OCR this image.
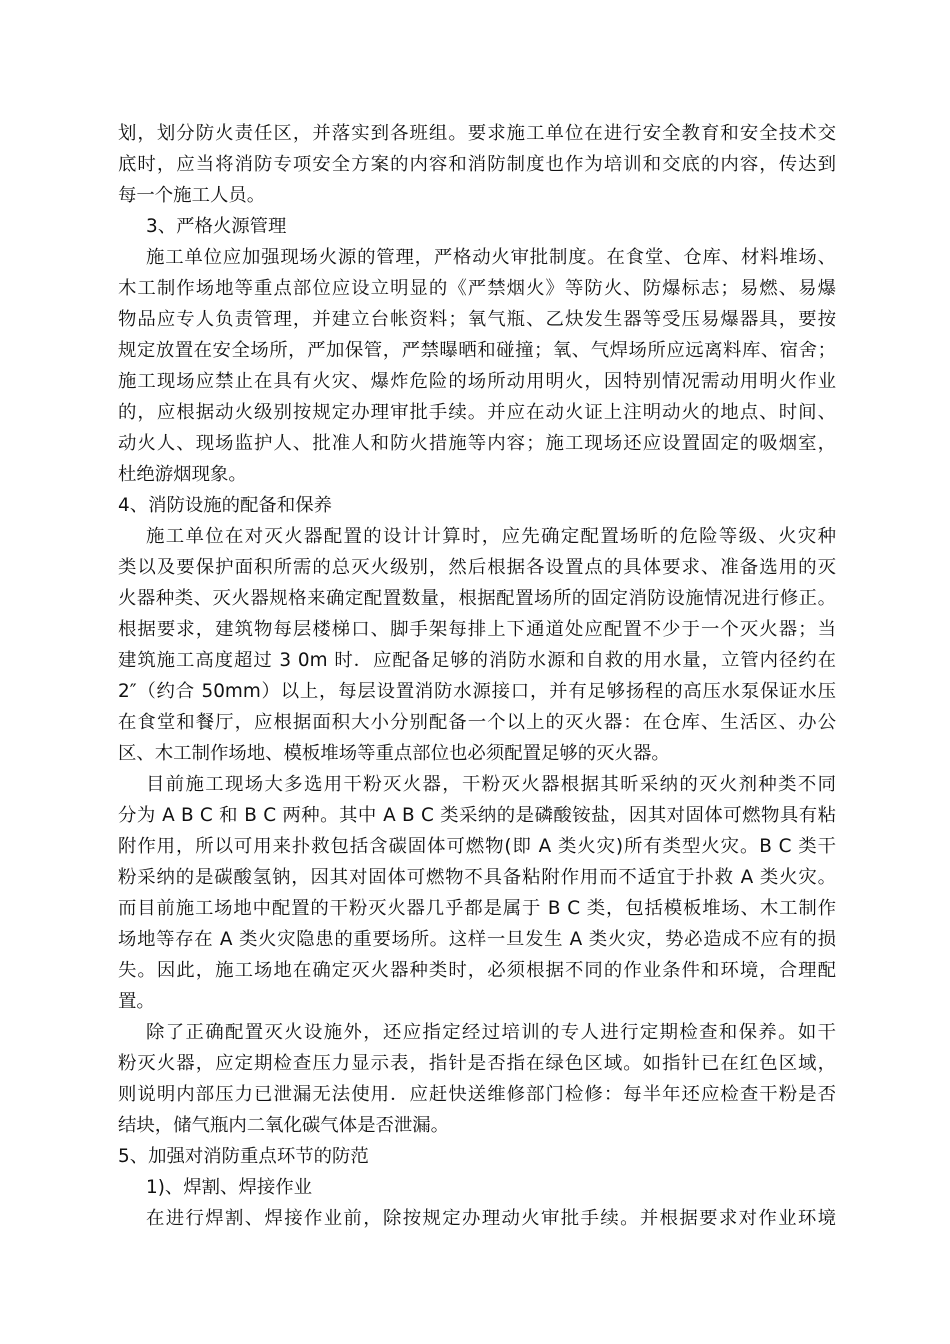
划，划分防火责任区，并落实到各班组。要求施工单位在进行安全教育和安全技术交
底时，应当将消防专项安全方案的内容和消防制度也作为培训和交底的内容，传达到
每一个施工人员。
3、严格火源管理
施工单位应加强现场火源的管理，严格动火审批制度。在食堂、仓库、材料堆场、
木工制作场地等重点部位应设立明显的《严禁烟火》等防火、防爆标志；易燃、易爆
物品应专人负责管理，并建立台帐资料；氧气瓶、乙炔发生器等受压易爆器具，要按
规定放置在安全场所，严加保管，严禁曝晒和碰撞；氧、气焊场所应远离料库、宿舍；
施工现场应禁止在具有火灾、爆炸危险的场所动用明火，因特别情况需动用明火作业
的，应根据动火级别按规定办理审批手续。并应在动火证上注明动火的地点、时间、
动火人、现场监护人、批准人和防火措施等内容；施工现场还应设置固定的吸烟室，
杜绝游烟现象。
4、消防设施的配备和保养
施工单位在对灭火器配置的设计计算时，应先确定配置场昕的危险等级、火灾种
类以及要保护面积所需的总灭火级别，然后根据各设置点的具体要求、准备选用的灭
火器种类、灭火器规格来确定配置数量，根据配置场所的固定消防设施情况进行修正。
根据要求，建筑物每层楼梯口、脚手架每排上下通道处应配置不少于一个灭火器；当
建筑施工高度超过 3 0m 时．应配备足够的消防水源和自救的用水量，立管内径约在
2″（约合 50mm）以上，每层设置消防水源接口，并有足够扬程的高压水泵保证水压
在食堂和餐厅，应根据面积大小分别配备一个以上的灭火器：在仓库、生活区、办公
区、木工制作场地、模板堆场等重点部位也必须配置足够的灭火器。
目前施工现场大多选用干粉灭火器，干粉灭火器根据其昕采纳的灭火剂种类不同
分为 A B C 和 B C 两种。其中 A B C 类采纳的是磷酸铵盐，因其对固体可燃物具有粘
附作用，所以可用来扑救包括含碳固体可燃物(即 A 类火灾)所有类型火灾。B C 类干
粉采纳的是碳酸氢钠，因其对固体可燃物不具备粘附作用而不适宜于扑救 A 类火灾。
而目前施工场地中配置的干粉灭火器几乎都是属于 B C 类，包括模板堆场、木工制作
场地等存在 A 类火灾隐患的重要场所。这样一旦发生 A 类火灾，势必造成不应有的损
失。因此，施工场地在确定灭火器种类时，必须根据不同的作业条件和环境，合理配
置。
除了正确配置灭火设施外，还应指定经过培训的专人进行定期检查和保养。如干
粉灭火器，应定期检查压力显示表，指针是否指在绿色区域。如指针已在红色区域，
则说明内部压力已泄漏无法使用．应赶快送维修部门检修：每半年还应检查干粉是否
结块，储气瓶内二氧化碳气体是否泄漏。
5、加强对消防重点环节的防范
1)、焊割、焊接作业
在进行焊割、焊接作业前，除按规定办理动火审批手续。并根据要求对作业环境
